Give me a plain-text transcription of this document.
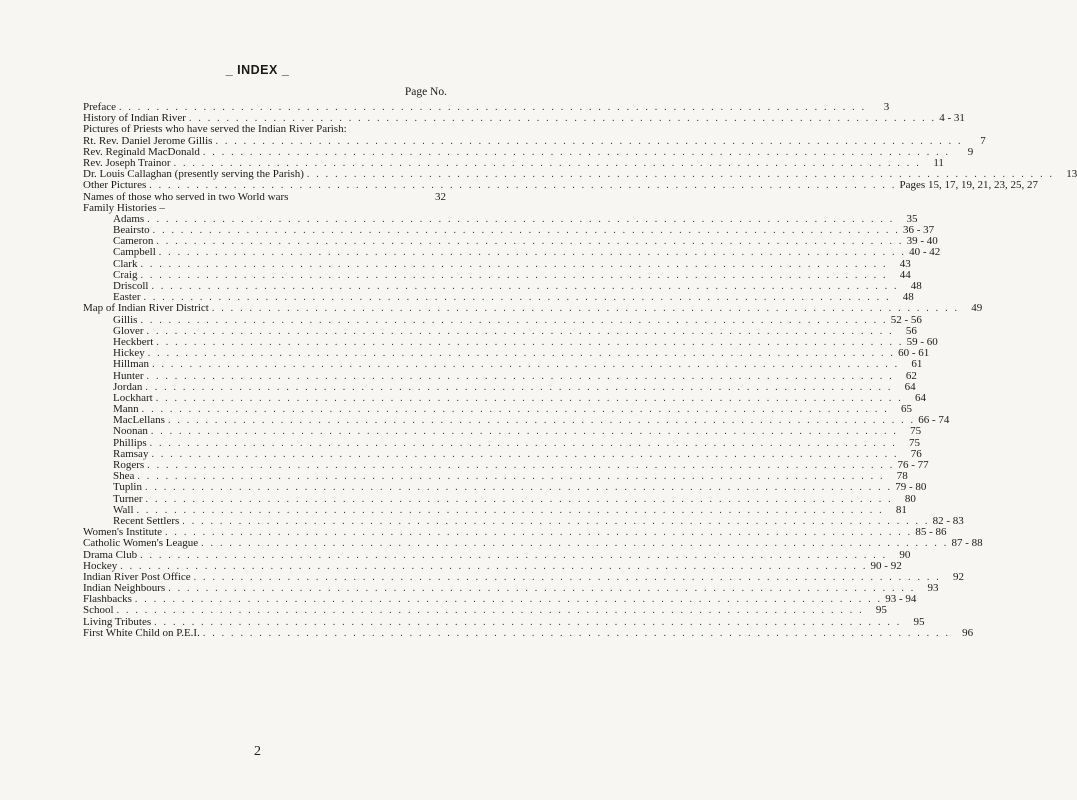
_ INDEX _
Page No.
Preface . . . . . . . . . . . . . . . . . . . . . . . . . . . . . . . . . . . . . . . . . . . . . . . . . . . . . . . . . . . . . . . . . . . . . . . . . . . . . . . .	3
History of Indian River . . . . . . . . . . . . . . . . . . . . . . . . . . . . . . . . . . . . . . . . . . . . . . . . . . . . . . . . . . . . . . . . . . . . . . . . . . . . . . . . 4 - 31
Pictures of Priests who have served the Indian River Parish:
Rt. Rev. Daniel Jerome Gillis . . . . . . . . . . . . . . . . . . . . . . . . . . . . . . . . . . . . . . . . . . . . . . . . . . . . . . . . . . . . . . . . . . . . . . . . . . . . . . . .	7
Rev. Reginald MacDonald . . . . . . . . . . . . . . . . . . . . . . . . . . . . . . . . . . . . . . . . . . . . . . . . . . . . . . . . . . . . . . . . . . . . . . . . . . . . . . . .	9
Rev. Joseph Trainor . . . . . . . . . . . . . . . . . . . . . . . . . . . . . . . . . . . . . . . . . . . . . . . . . . . . . . . . . . . . . . . . . . . . . . . . . . . . . . . .	11
Dr. Louis Callaghan (presently serving the Parish) . . . . . . . . . . . . . . . . . . . . . . . . . . . . . . . . . . . . . . . . . . . . . . . . . . . . . . . . . . . . . . . . . . . . . . . . . . . . . . . .	13
Other Pictures . . . . . . . . . . . . . . . . . . . . . . . . . . . . . . . . . . . . . . . . . . . . . . . . . . . . . . . . . . . . . . . . . . . . . . . . . . . . . . . . Pages 15, 17, 19, 21, 23, 25, 27
Names of those who served in two World wars	32
Family Histories –
Adams . . . . . . . . . . . . . . . . . . . . . . . . . . . . . . . . . . . . . . . . . . . . . . . . . . . . . . . . . . . . . . . . . . . . . . . . . . . . . . . .	35
Beairsto . . . . . . . . . . . . . . . . . . . . . . . . . . . . . . . . . . . . . . . . . . . . . . . . . . . . . . . . . . . . . . . . . . . . . . . . . . . . . . . . 36 - 37
Cameron . . . . . . . . . . . . . . . . . . . . . . . . . . . . . . . . . . . . . . . . . . . . . . . . . . . . . . . . . . . . . . . . . . . . . . . . . . . . . . . . 39 - 40
Campbell . . . . . . . . . . . . . . . . . . . . . . . . . . . . . . . . . . . . . . . . . . . . . . . . . . . . . . . . . . . . . . . . . . . . . . . . . . . . . . . . 40 - 42
Clark . . . . . . . . . . . . . . . . . . . . . . . . . . . . . . . . . . . . . . . . . . . . . . . . . . . . . . . . . . . . . . . . . . . . . . . . . . . . . . . .	43
Craig . . . . . . . . . . . . . . . . . . . . . . . . . . . . . . . . . . . . . . . . . . . . . . . . . . . . . . . . . . . . . . . . . . . . . . . . . . . . . . . .	44
Driscoll . . . . . . . . . . . . . . . . . . . . . . . . . . . . . . . . . . . . . . . . . . . . . . . . . . . . . . . . . . . . . . . . . . . . . . . . . . . . . . . .	48
Easter . . . . . . . . . . . . . . . . . . . . . . . . . . . . . . . . . . . . . . . . . . . . . . . . . . . . . . . . . . . . . . . . . . . . . . . . . . . . . . . .	48
Map of Indian River District . . . . . . . . . . . . . . . . . . . . . . . . . . . . . . . . . . . . . . . . . . . . . . . . . . . . . . . . . . . . . . . . . . . . . . . . . . . . . . . .	49
Gillis . . . . . . . . . . . . . . . . . . . . . . . . . . . . . . . . . . . . . . . . . . . . . . . . . . . . . . . . . . . . . . . . . . . . . . . . . . . . . . . . 52 - 56
Glover . . . . . . . . . . . . . . . . . . . . . . . . . . . . . . . . . . . . . . . . . . . . . . . . . . . . . . . . . . . . . . . . . . . . . . . . . . . . . . . .	56
Heckbert . . . . . . . . . . . . . . . . . . . . . . . . . . . . . . . . . . . . . . . . . . . . . . . . . . . . . . . . . . . . . . . . . . . . . . . . . . . . . . . . 59 - 60
Hickey . . . . . . . . . . . . . . . . . . . . . . . . . . . . . . . . . . . . . . . . . . . . . . . . . . . . . . . . . . . . . . . . . . . . . . . . . . . . . . . . 60 - 61
Hillman . . . . . . . . . . . . . . . . . . . . . . . . . . . . . . . . . . . . . . . . . . . . . . . . . . . . . . . . . . . . . . . . . . . . . . . . . . . . . . . .	61
Hunter . . . . . . . . . . . . . . . . . . . . . . . . . . . . . . . . . . . . . . . . . . . . . . . . . . . . . . . . . . . . . . . . . . . . . . . . . . . . . . . .	62
Jordan . . . . . . . . . . . . . . . . . . . . . . . . . . . . . . . . . . . . . . . . . . . . . . . . . . . . . . . . . . . . . . . . . . . . . . . . . . . . . . . .	64
Lockhart . . . . . . . . . . . . . . . . . . . . . . . . . . . . . . . . . . . . . . . . . . . . . . . . . . . . . . . . . . . . . . . . . . . . . . . . . . . . . . . .	64
Mann . . . . . . . . . . . . . . . . . . . . . . . . . . . . . . . . . . . . . . . . . . . . . . . . . . . . . . . . . . . . . . . . . . . . . . . . . . . . . . . .	65
MacLellans . . . . . . . . . . . . . . . . . . . . . . . . . . . . . . . . . . . . . . . . . . . . . . . . . . . . . . . . . . . . . . . . . . . . . . . . . . . . . . . . 66 - 74
Noonan . . . . . . . . . . . . . . . . . . . . . . . . . . . . . . . . . . . . . . . . . . . . . . . . . . . . . . . . . . . . . . . . . . . . . . . . . . . . . . . .	75
Phillips . . . . . . . . . . . . . . . . . . . . . . . . . . . . . . . . . . . . . . . . . . . . . . . . . . . . . . . . . . . . . . . . . . . . . . . . . . . . . . . .	75
Ramsay . . . . . . . . . . . . . . . . . . . . . . . . . . . . . . . . . . . . . . . . . . . . . . . . . . . . . . . . . . . . . . . . . . . . . . . . . . . . . . . .	76
Rogers . . . . . . . . . . . . . . . . . . . . . . . . . . . . . . . . . . . . . . . . . . . . . . . . . . . . . . . . . . . . . . . . . . . . . . . . . . . . . . . . 76 - 77
Shea . . . . . . . . . . . . . . . . . . . . . . . . . . . . . . . . . . . . . . . . . . . . . . . . . . . . . . . . . . . . . . . . . . . . . . . . . . . . . . . .	78
Tuplin . . . . . . . . . . . . . . . . . . . . . . . . . . . . . . . . . . . . . . . . . . . . . . . . . . . . . . . . . . . . . . . . . . . . . . . . . . . . . . . . 79 - 80
Turner . . . . . . . . . . . . . . . . . . . . . . . . . . . . . . . . . . . . . . . . . . . . . . . . . . . . . . . . . . . . . . . . . . . . . . . . . . . . . . . .	80
Wall . . . . . . . . . . . . . . . . . . . . . . . . . . . . . . . . . . . . . . . . . . . . . . . . . . . . . . . . . . . . . . . . . . . . . . . . . . . . . . . .	81
Recent Settlers . . . . . . . . . . . . . . . . . . . . . . . . . . . . . . . . . . . . . . . . . . . . . . . . . . . . . . . . . . . . . . . . . . . . . . . . . . . . . . . . 82 - 83
Women's Institute . . . . . . . . . . . . . . . . . . . . . . . . . . . . . . . . . . . . . . . . . . . . . . . . . . . . . . . . . . . . . . . . . . . . . . . . . . . . . . . . 85 - 86
Catholic Women's League . . . . . . . . . . . . . . . . . . . . . . . . . . . . . . . . . . . . . . . . . . . . . . . . . . . . . . . . . . . . . . . . . . . . . . . . . . . . . . . . 87 - 88
Drama Club . . . . . . . . . . . . . . . . . . . . . . . . . . . . . . . . . . . . . . . . . . . . . . . . . . . . . . . . . . . . . . . . . . . . . . . . . . . . . . . .	90
Hockey . . . . . . . . . . . . . . . . . . . . . . . . . . . . . . . . . . . . . . . . . . . . . . . . . . . . . . . . . . . . . . . . . . . . . . . . . . . . . . . . 90 - 92
Indian River Post Office . . . . . . . . . . . . . . . . . . . . . . . . . . . . . . . . . . . . . . . . . . . . . . . . . . . . . . . . . . . . . . . . . . . . . . . . . . . . . . . .	92
Indian Neighbours . . . . . . . . . . . . . . . . . . . . . . . . . . . . . . . . . . . . . . . . . . . . . . . . . . . . . . . . . . . . . . . . . . . . . . . . . . . . . . . .	93
Flashbacks . . . . . . . . . . . . . . . . . . . . . . . . . . . . . . . . . . . . . . . . . . . . . . . . . . . . . . . . . . . . . . . . . . . . . . . . . . . . . . . . 93 - 94
School . . . . . . . . . . . . . . . . . . . . . . . . . . . . . . . . . . . . . . . . . . . . . . . . . . . . . . . . . . . . . . . . . . . . . . . . . . . . . . . .	95
Living Tributes . . . . . . . . . . . . . . . . . . . . . . . . . . . . . . . . . . . . . . . . . . . . . . . . . . . . . . . . . . . . . . . . . . . . . . . . . . . . . . . .	95
First White Child on P.E.I. . . . . . . . . . . . . . . . . . . . . . . . . . . . . . . . . . . . . . . . . . . . . . . . . . . . . . . . . . . . . . . . . . . . . . . . . . . . . . . . .	96
2
